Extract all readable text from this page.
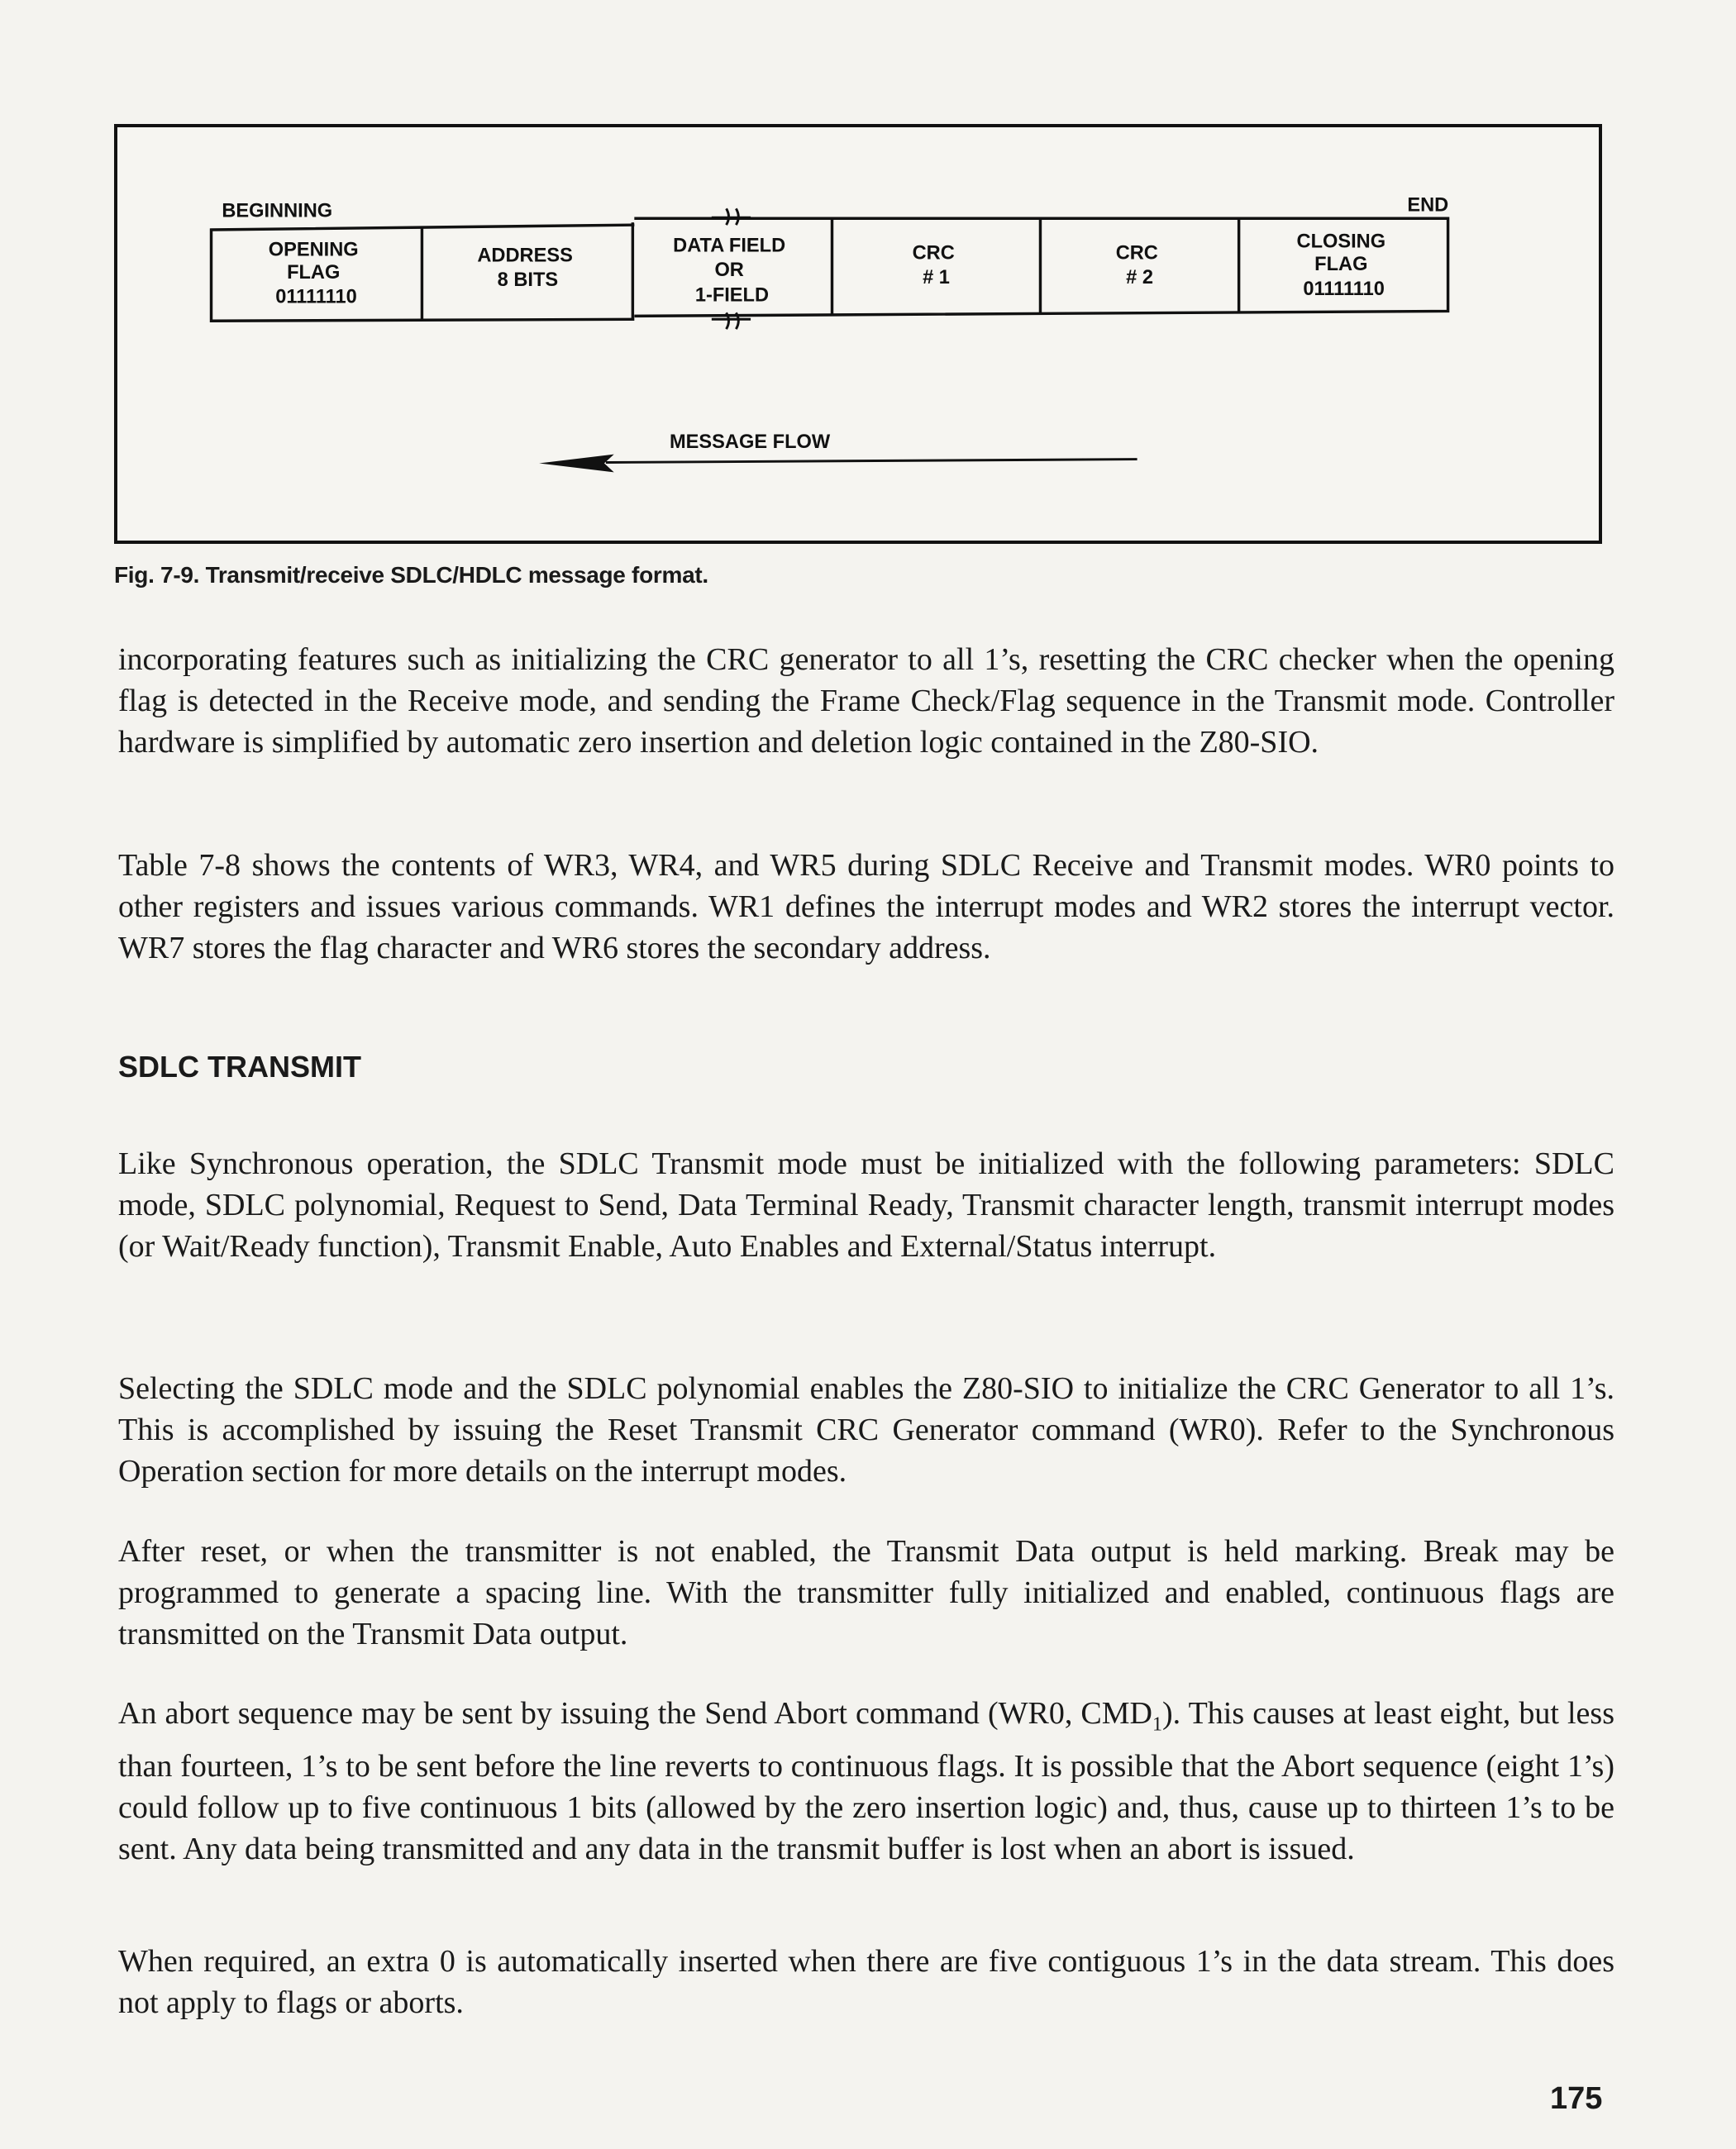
BEGINNING	END
OPENING FLAG 01111110
ADDRESS 8 BITS
DATA FIELD OR 1-FIELD
CRC # 1
CRC # 2
CLOSING FLAG 01111110
MESSAGE FLOW
Fig. 7-9. Transmit/receive SDLC/HDLC message format.

incorporating features such as initializing the CRC generator to all 1’s, resetting the CRC checker when the opening flag is detected in the Receive mode, and sending the Frame Check/Flag sequence in the Transmit mode. Controller hardware is simplified by automatic zero insertion and deletion logic contained in the Z80-SIO.

Table 7-8 shows the contents of WR3, WR4, and WR5 during SDLC Receive and Transmit modes. WR0 points to other registers and issues various commands. WR1 defines the interrupt modes and WR2 stores the interrupt vector. WR7 stores the flag character and WR6 stores the secondary address.

SDLC TRANSMIT

Like Synchronous operation, the SDLC Transmit mode must be initialized with the following parameters: SDLC mode, SDLC polynomial, Request to Send, Data Terminal Ready, Transmit character length, transmit interrupt modes (or Wait/Ready function), Transmit Enable, Auto Enables and External/Status interrupt.

Selecting the SDLC mode and the SDLC polynomial enables the Z80-SIO to initialize the CRC Generator to all 1’s. This is accomplished by issuing the Reset Transmit CRC Generator command (WR0). Refer to the Synchronous Operation section for more details on the interrupt modes.

After reset, or when the transmitter is not enabled, the Transmit Data output is held marking. Break may be programmed to generate a spacing line. With the transmitter fully initialized and enabled, continuous flags are transmitted on the Transmit Data output.

An abort sequence may be sent by issuing the Send Abort command (WR0, $CMD_1$). This causes at least eight, but less than fourteen, 1’s to be sent before the line reverts to continuous flags. It is possible that the Abort sequence (eight 1’s) could follow up to five continuous 1 bits (allowed by the zero insertion logic) and, thus, cause up to thirteen 1’s to be sent. Any data being transmitted and any data in the transmit buffer is lost when an abort is issued.

When required, an extra 0 is automatically inserted when there are five contiguous 1’s in the data stream. This does not apply to flags or aborts.

175
